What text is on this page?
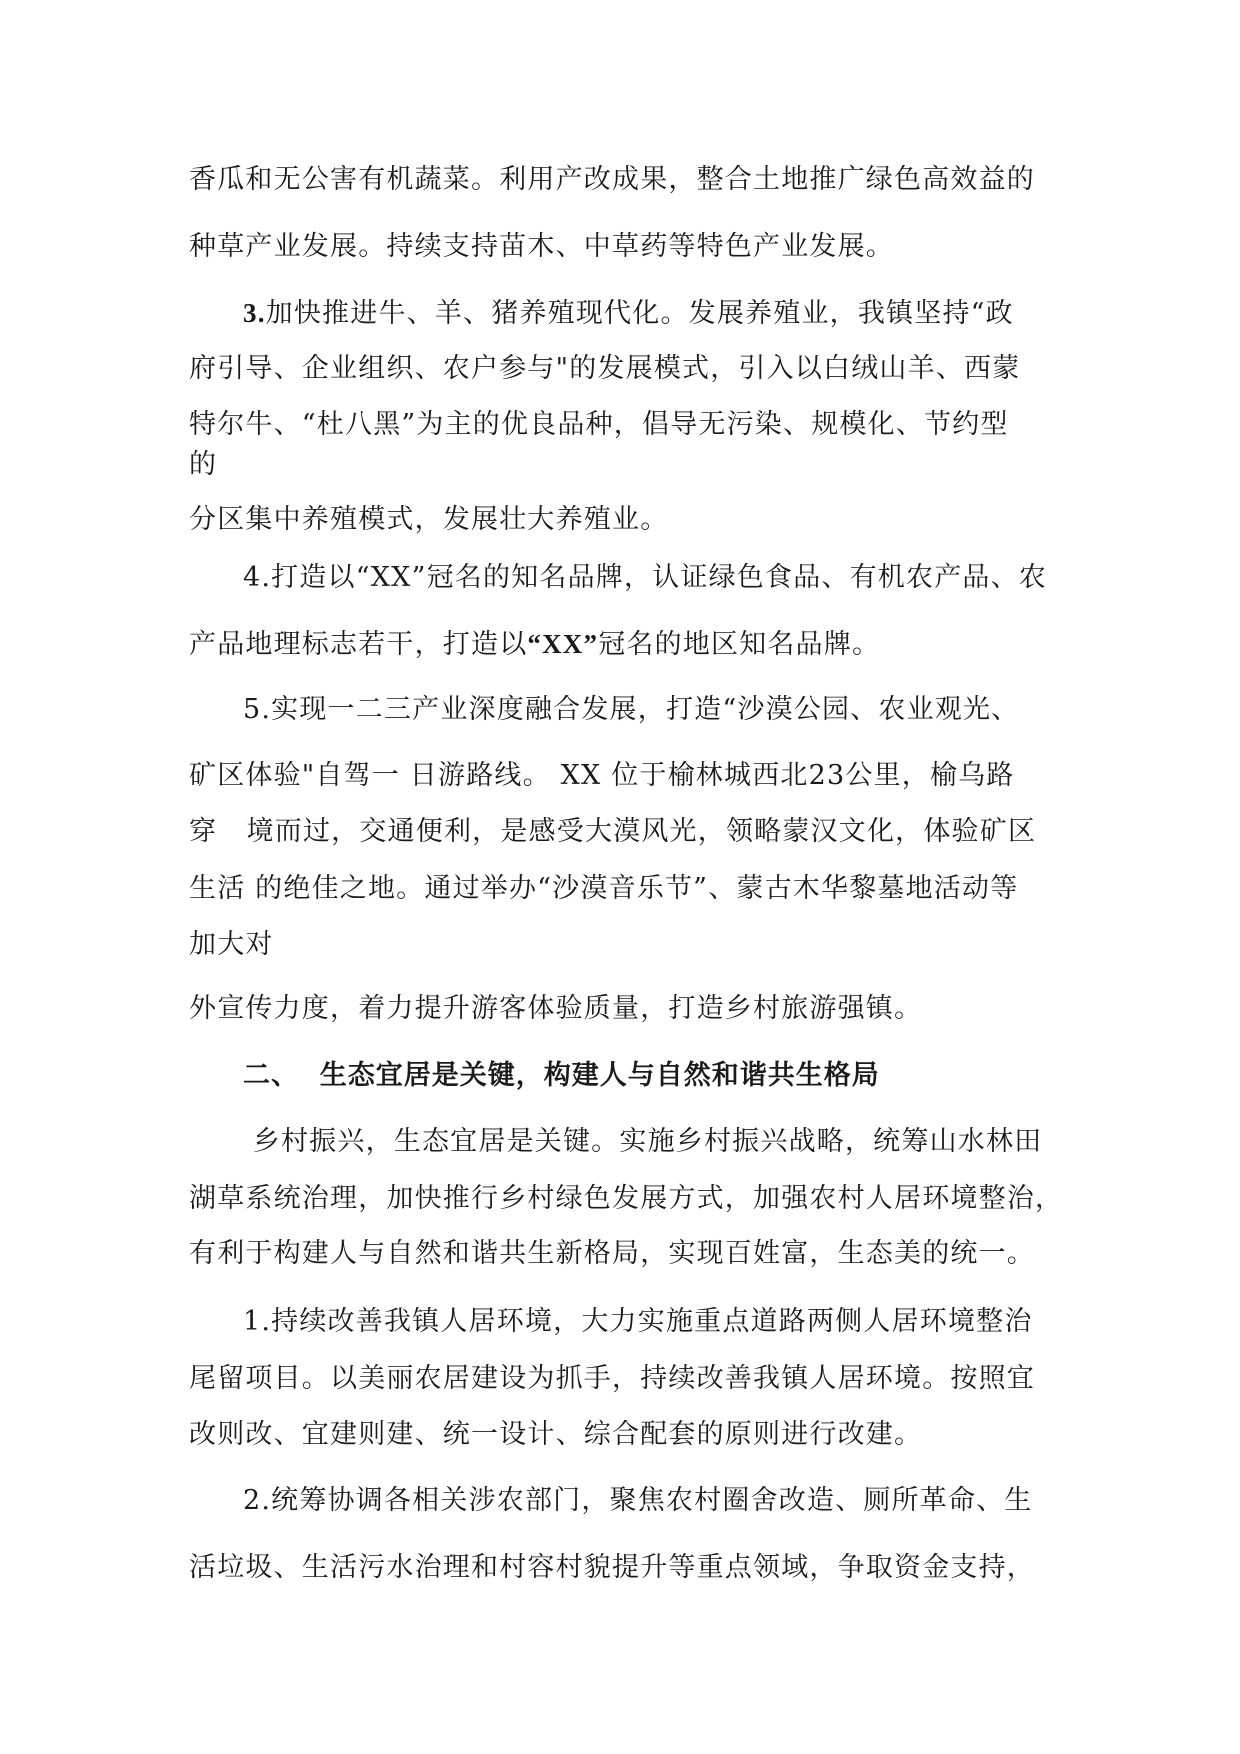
香瓜和无公害有机蔬菜。利用产改成果，整合土地推广绿色高效益的
种草产业发展。持续支持苗木、中草药等特色产业发展。
3.加快推进牛、羊、猪养殖现代化。发展养殖业，我镇坚持“政
府引导、企业组织、农户参与"的发展模式，引入以白绒山羊、西蒙
特尔牛、“杜八黑”为主的优良品种，倡导无污染、规模化、节约型
的
分区集中养殖模式，发展壮大养殖业。
4.打造以“XX”冠名的知名品牌，认证绿色食品、有机农产品、农
产品地理标志若干，打造以“XX”冠名的地区知名品牌。
5.实现一二三产业深度融合发展，打造“沙漠公园、农业观光、
矿区体验"自驾一 日游路线。 XX 位于榆林城西北23公里，榆乌路
穿   境而过，交通便利，是感受大漠风光，领略蒙汉文化，体验矿区
生活 的绝佳之地。通过举办“沙漠音乐节”、蒙古木华黎墓地活动等
加大对
外宣传力度，着力提升游客体验质量，打造乡村旅游强镇。
二、  生态宜居是关键，构建人与自然和谐共生格局
乡村振兴，生态宜居是关键。实施乡村振兴战略，统筹山水林田
湖草系统治理，加快推行乡村绿色发展方式，加强农村人居环境整治，
有利于构建人与自然和谐共生新格局，实现百姓富，生态美的统一。
1.持续改善我镇人居环境，大力实施重点道路两侧人居环境整治
尾留项目。以美丽农居建设为抓手，持续改善我镇人居环境。按照宜
改则改、宜建则建、统一设计、综合配套的原则进行改建。
2.统筹协调各相关涉农部门，聚焦农村圈舍改造、厕所革命、生
活垃圾、生活污水治理和村容村貌提升等重点领域，争取资金支持，
